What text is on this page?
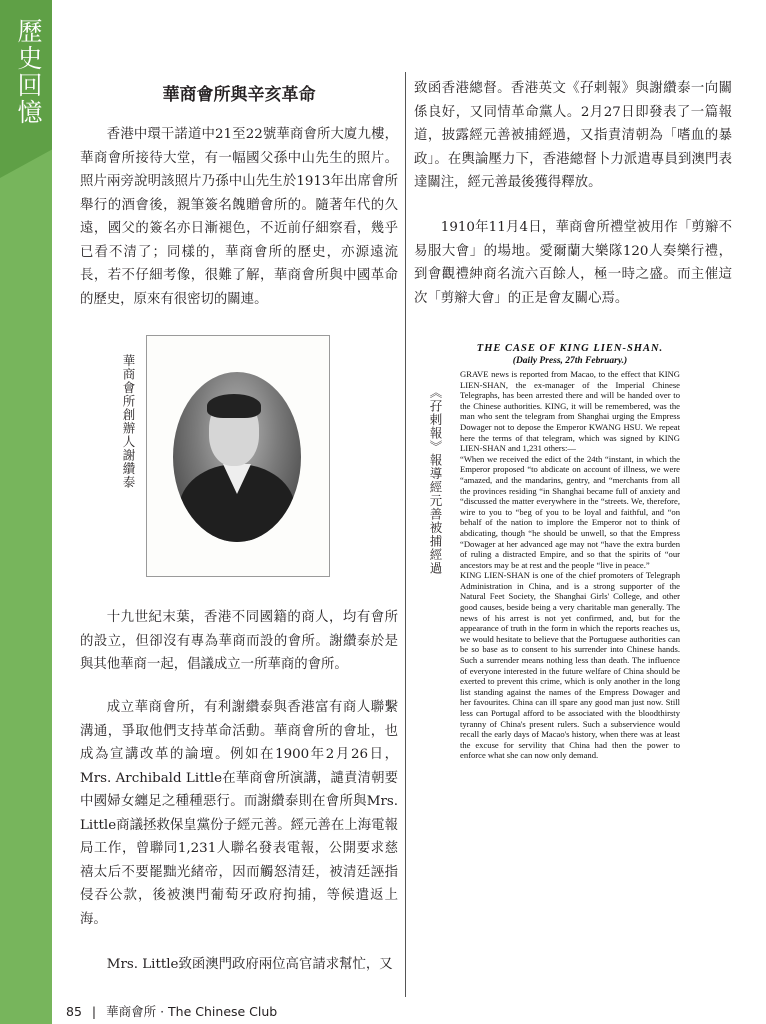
歷史回憶	華商會所與辛亥革命

香港中環干諾道中21至22號華商會所大廈九樓，華商會所接待大堂，有一幅國父孫中山先生的照片。照片兩旁說明該照片乃孫中山先生於1913年出席會所舉行的酒會後，親筆簽名餽贈會所的。隨著年代的久遠，國父的簽名亦日漸褪色，不近前仔細察看，幾乎已看不清了；同樣的，華商會所的歷史，亦源遠流長，若不仔細考像，很難了解，華商會所與中國革命的歷史，原來有很密切的關連。

華商會所創辦人謝纘泰

十九世紀末葉，香港不同國籍的商人，均有會所的設立，但卻沒有專為華商而設的會所。謝纘泰於是與其他華商一起，倡議成立一所華商的會所。

成立華商會所，有利謝纘泰與香港富有商人聯繫溝通，爭取他們支持革命活動。華商會所的會址，也成為宣講改革的論壇。例如在1900年2月26日，Mrs. Archibald Little在華商會所演講，譴責清朝要中國婦女纏足之種種惡行。而謝纘泰則在會所與Mrs. Little商議拯救保皇黨份子經元善。經元善在上海電報局工作，曾聯同1,231人聯名發表電報，公開要求慈禧太后不要罷黜光緒帝，因而觸怒清廷，被清廷誣指侵吞公款，後被澳門葡萄牙政府拘捕，等候遣返上海。

Mrs. Little致函澳門政府兩位高官請求幫忙，又

致函香港總督。香港英文《孖剌報》與謝纘泰一向關係良好，又同情革命黨人。2月27日即發表了一篇報道，披露經元善被捕經過，又指責清朝為「嗜血的暴政」。在輿論壓力下，香港總督卜力派遣專員到澳門表達關注，經元善最後獲得釋放。

1910年11月4日，華商會所禮堂被用作「剪辮不易服大會」的場地。愛爾蘭大樂隊120人奏樂行禮，到會觀禮紳商名流六百餘人，極一時之盛。而主催這次「剪辮大會」的正是會友關心焉。

《孖剌報》報導經元善被捕經過

THE CASE OF KING LIEN-SHAN.

(Daily Press, 27th February.)

GRAVE news is reported from Macao, to the effect that KING LIEN-SHAN, the ex-manager of the Imperial Chinese Telegraphs, has been arrested there and will be handed over to the Chinese authorities. KING, it will be remembered, was the man who sent the telegram from Shanghai urging the Empress Dowager not to depose the Emperor KWANG HSU. We repeat here the terms of that telegram, which was signed by KING LIEN-SHAN and 1,231 others:—
“When we received the edict of the 24th “instant, in which the Emperor proposed “to abdicate on account of illness, we were “amazed, and the mandarins, gentry, and “merchants from all the provinces residing “in Shanghai became full of anxiety and “discussed the matter everywhere in the “streets. We, therefore, wire to you to “beg of you to be loyal and faithful, and “on behalf of the nation to implore the Emperor not to think of abdicating, though “he should be unwell, so that the Empress “Dowager at her advanced age may not “have the extra burden of ruling a distracted Empire, and so that the spirits of “our ancestors may be at rest and the people “live in peace.”
KING LIEN-SHAN is one of the chief promoters of Telegraph Administration in China, and is a strong supporter of the Natural Feet Society, the Shanghai Girls' College, and other good causes, beside being a very charitable man generally. The news of his arrest is not yet confirmed, and, but for the appearance of truth in the form in which the reports reaches us, we would hesitate to believe that the Portuguese authorities can be so base as to consent to his surrender into Chinese hands. Such a surrender means nothing less than death. The influence of everyone interested in the future welfare of China should be exerted to prevent this crime, which is only another in the long list standing against the names of the Empress Dowager and her favourites. China can ill spare any good man just now. Still less can Portugal afford to be associated with the bloodthirsty tyranny of China's present rulers. Such a subservience would recall the early days of Macao's history, when there was at least the excuse for servility that China had then the power to enforce what she can now only demand.

85 | 華商會所 · The Chinese Club
